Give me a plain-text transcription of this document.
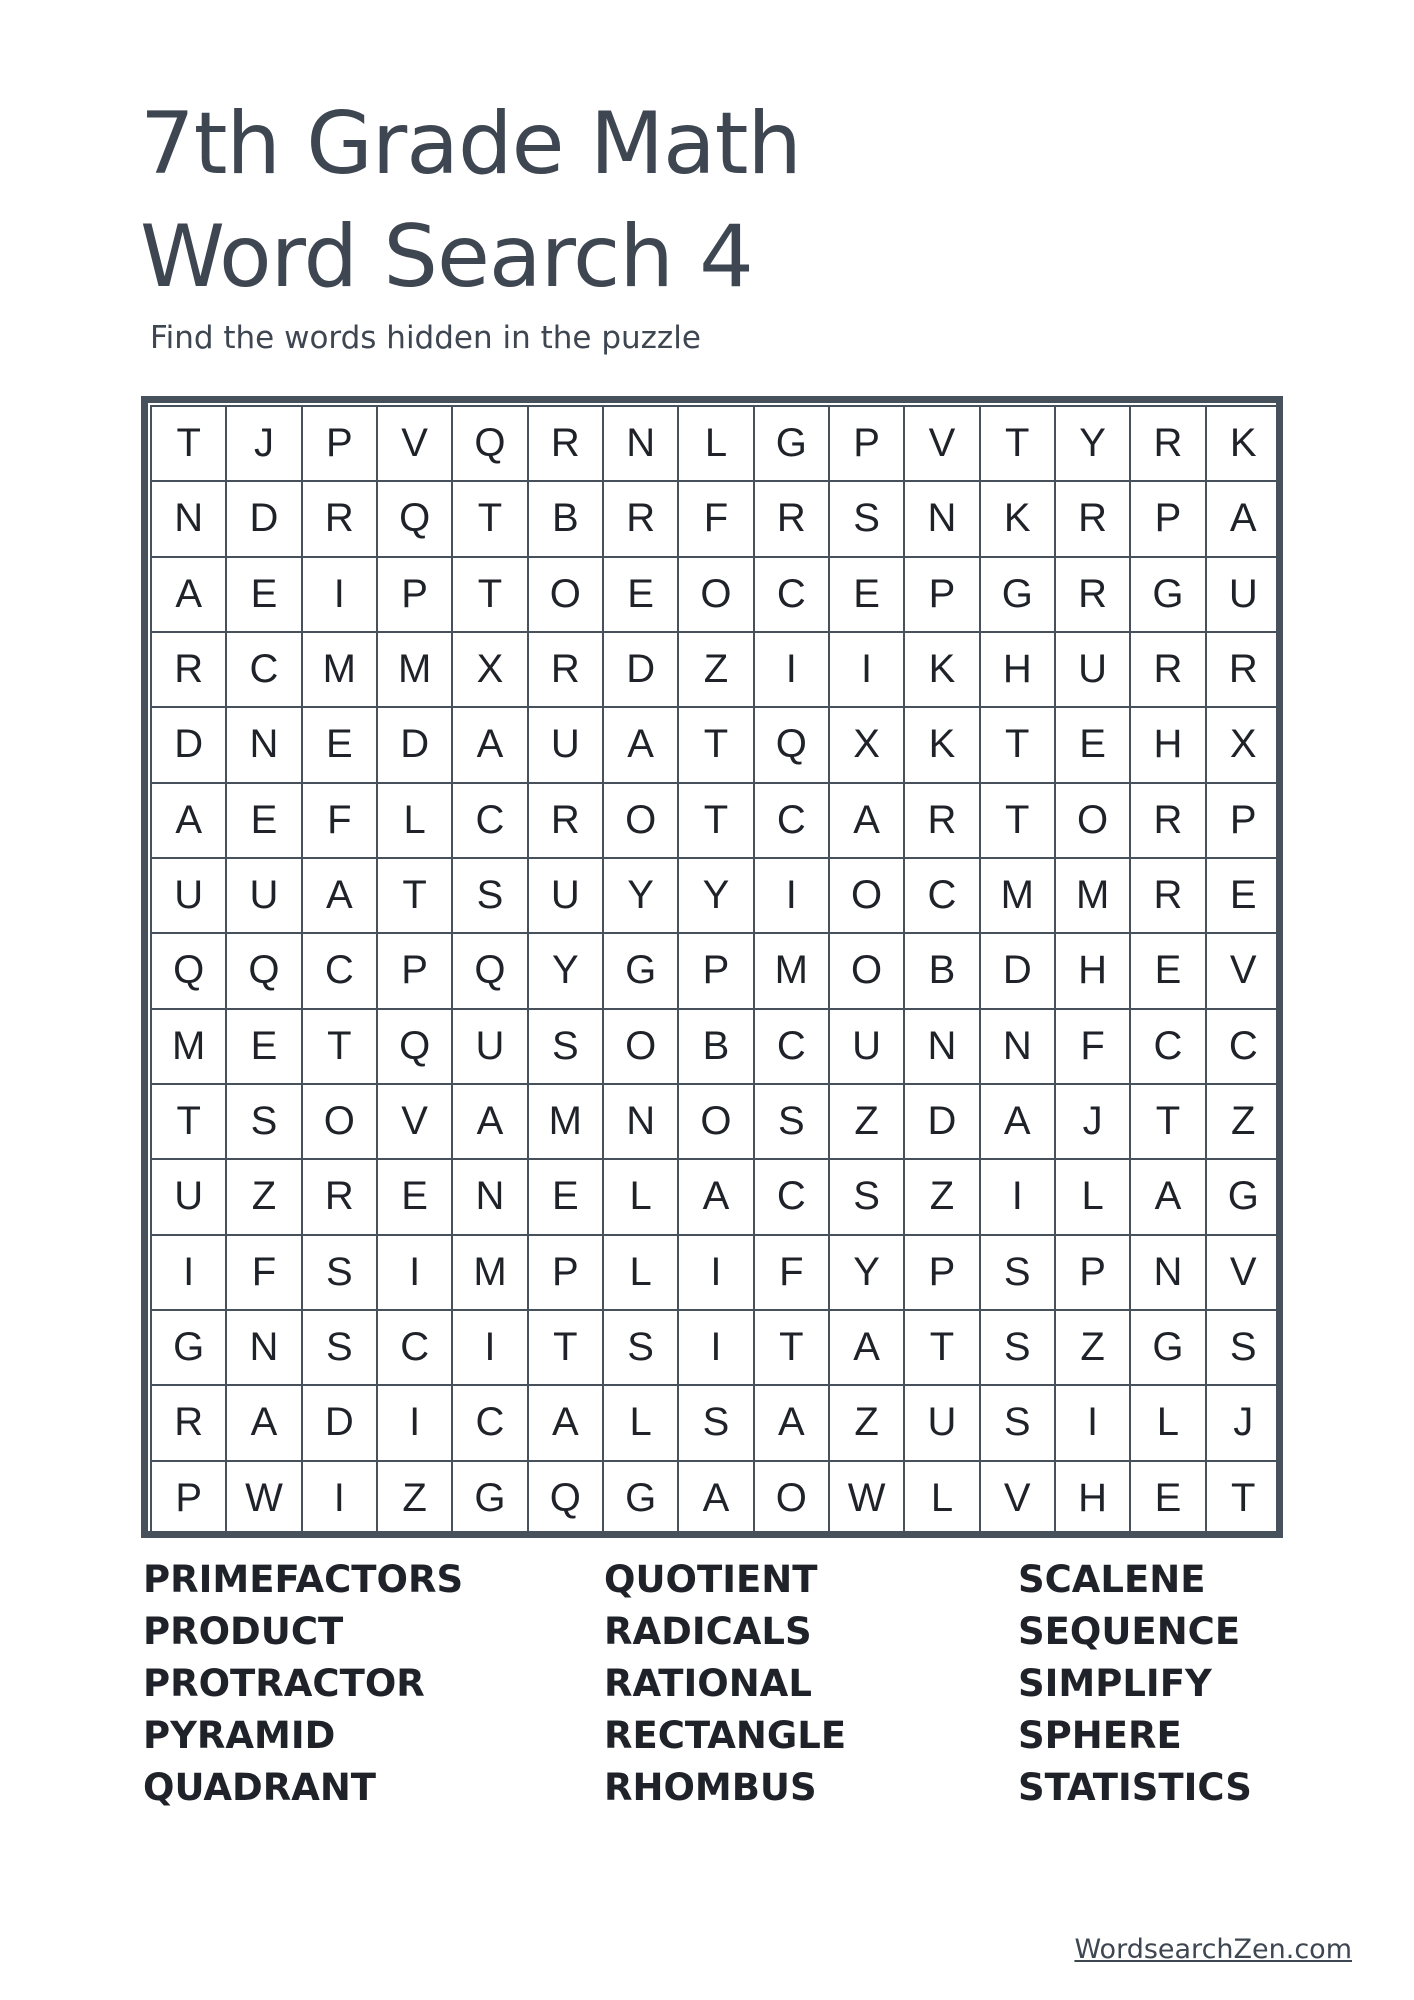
7th Grade Math
Word Search 4
Find the words hidden in the puzzle
T	J	P	V	Q	R	N	L	G	P	V	T	Y	R	K
N	D	R	Q	T	B	R	F	R	S	N	K	R	P	A
A	E	I	P	T	O	E	O	C	E	P	G	R	G	U
R	C	M	M	X	R	D	Z	I	I	K	H	U	R	R
D	N	E	D	A	U	A	T	Q	X	K	T	E	H	X
A	E	F	L	C	R	O	T	C	A	R	T	O	R	P
U	U	A	T	S	U	Y	Y	I	O	C	M	M	R	E
Q	Q	C	P	Q	Y	G	P	M	O	B	D	H	E	V
M	E	T	Q	U	S	O	B	C	U	N	N	F	C	C
T	S	O	V	A	M	N	O	S	Z	D	A	J	T	Z
U	Z	R	E	N	E	L	A	C	S	Z	I	L	A	G
I	F	S	I	M	P	L	I	F	Y	P	S	P	N	V
G	N	S	C	I	T	S	I	T	A	T	S	Z	G	S
R	A	D	I	C	A	L	S	A	Z	U	S	I	L	J
P	W	I	Z	G	Q	G	A	O	W	L	V	H	E	T
PRIMEFACTORS
PRODUCT
PROTRACTOR
PYRAMID
QUADRANT
QUOTIENT
RADICALS
RATIONAL
RECTANGLE
RHOMBUS
SCALENE
SEQUENCE
SIMPLIFY
SPHERE
STATISTICS
WordsearchZen.com
